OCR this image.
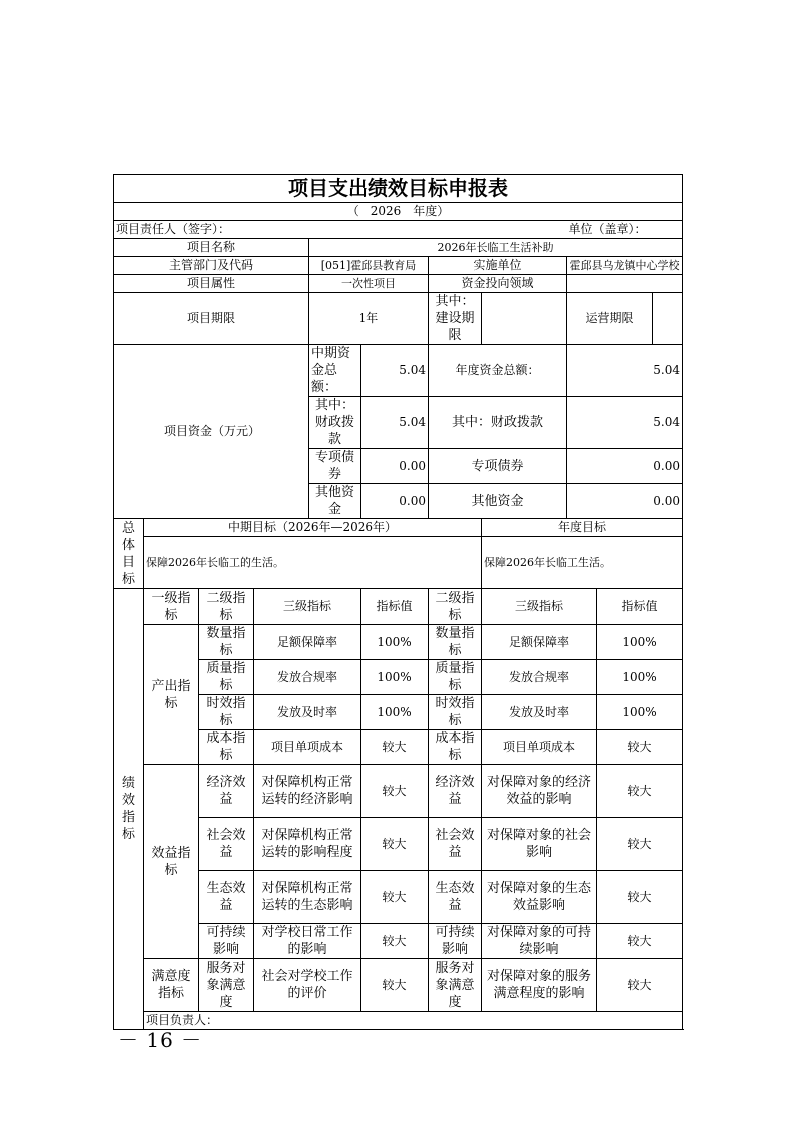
项目支出绩效目标申报表										
（　2026　年度）										
项目责任人（签字）：								单位（盖章）：		
项目名称				2026年长临工生活补助						
主管部门及代码				[051]霍邱县教育局		实施单位		霍邱县乌龙镇中心学校		
项目属性				一次性项目		资金投向领域				
项目期限				1年		其中：建设期限		运营期限		
项目资金（万元）				中期资金总额：	5.04	年度资金总额：		5.04		
				其中：财政拨款	5.04	其中：财政拨款		5.04		
				专项债券	0.00	专项债券		0.00		
				其他资金	0.00	其他资金		0.00		
总体目标	中期目标（2026年—2026年）						年度目标			
	保障2026年长临工的生活。						保障2026年长临工生活。			
绩效指标	一级指标	二级指标	三级指标		指标值	二级指标	三级指标		指标值	
	产出指标	数量指标	足额保障率		100%	数量指标	足额保障率		100%	
		质量指标	发放合规率		100%	质量指标	发放合规率		100%	
		时效指标	发放及时率		100%	时效指标	发放及时率		100%	
		成本指标	项目单项成本		较大	成本指标	项目单项成本		较大	
	效益指标	经济效益	对保障机构正常运转的经济影响		较大	经济效益	对保障对象的经济效益的影响		较大	
		社会效益	对保障机构正常运转的影响程度		较大	社会效益	对保障对象的社会影响		较大	
		生态效益	对保障机构正常运转的生态影响		较大	生态效益	对保障对象的生态效益影响		较大	
		可持续影响	对学校日常工作的影响		较大	可持续影响	对保障对象的可持续影响		较大	
	满意度指标	服务对象满意度	社会对学校工作的评价		较大	服务对象满意度	对保障对象的服务满意程度的影响		较大	
	项目负责人：									
－ 16 －
